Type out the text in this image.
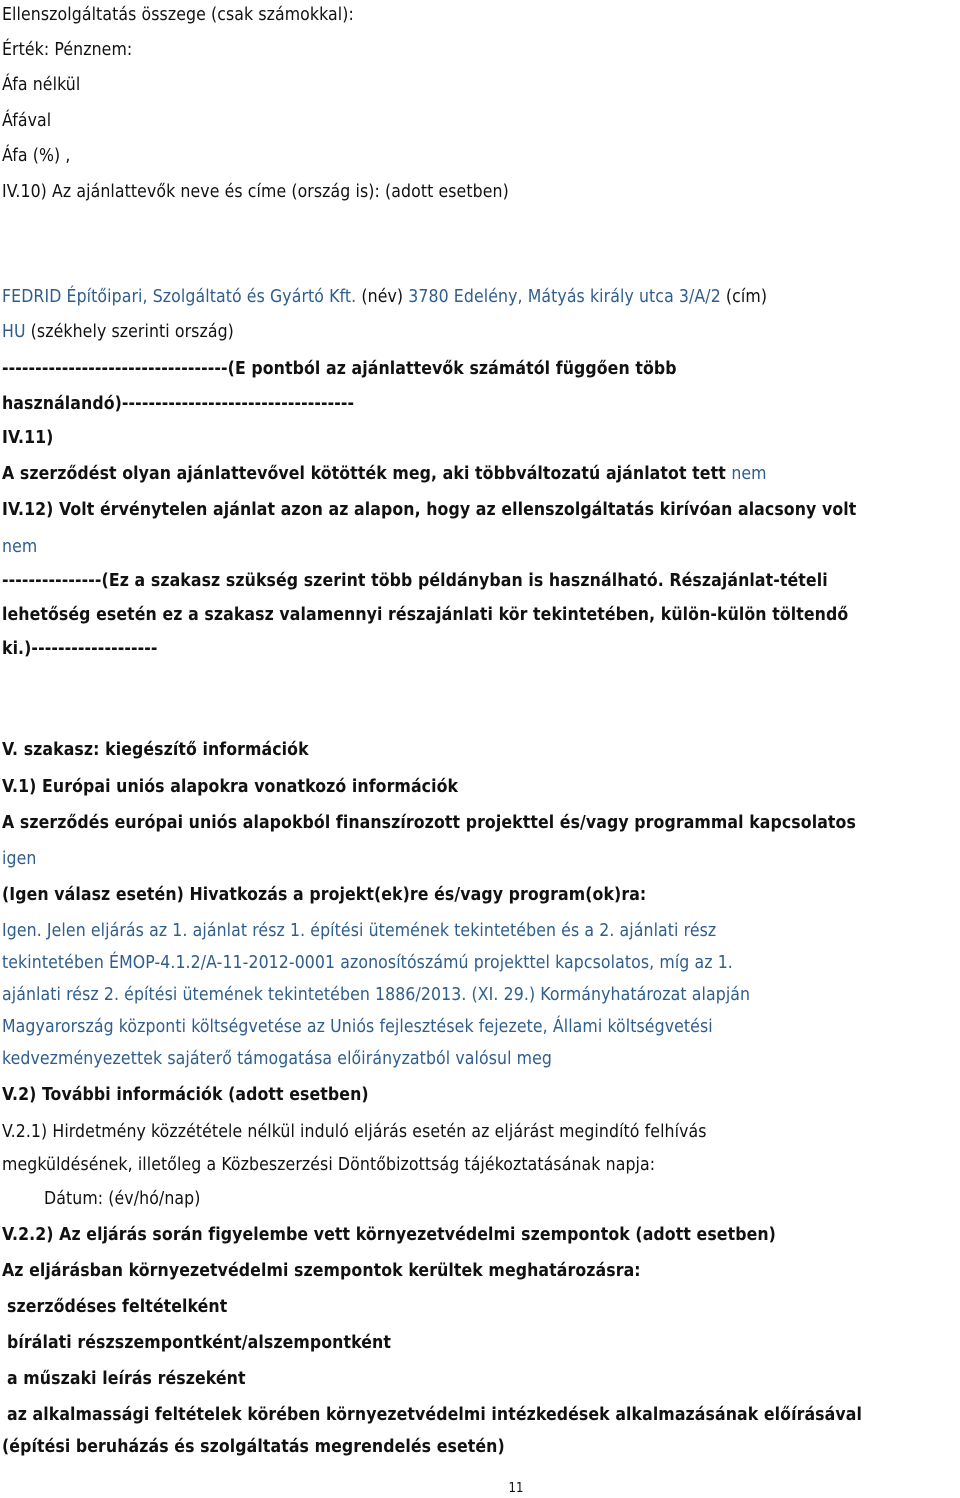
Ellenszolgáltatás összege (csak számokkal):
Érték: Pénznem:
Áfa nélkül
Áfával
Áfa (%) ,
IV.10) Az ajánlattevők neve és címe (ország is): (adott esetben)
FEDRID Építőipari, Szolgáltató és Gyártó Kft. (név) 3780 Edelény, Mátyás király utca 3/A/2 (cím)
HU (székhely szerinti ország)
----------------------------------(E pontból az ajánlattevők számától függően több
használandó)-----------------------------------
IV.11)
A szerződést olyan ajánlattevővel kötötték meg, aki többváltozatú ajánlatot tett nem
IV.12) Volt érvénytelen ajánlat azon az alapon, hogy az ellenszolgáltatás kirívóan alacsony volt
nem
---------------(Ez a szakasz szükség szerint több példányban is használható. Részajánlat-tételi
lehetőség esetén ez a szakasz valamennyi részajánlati kör tekintetében, külön-külön töltendő
ki.)-------------------
V. szakasz: kiegészítő információk
V.1) Európai uniós alapokra vonatkozó információk
A szerződés európai uniós alapokból finanszírozott projekttel és/vagy programmal kapcsolatos
igen
(Igen válasz esetén) Hivatkozás a projekt(ek)re és/vagy program(ok)ra:
Igen. Jelen eljárás az 1. ajánlat rész 1. építési ütemének tekintetében és a 2. ajánlati rész
tekintetében ÉMOP-4.1.2/A-11-2012-0001 azonosítószámú projekttel kapcsolatos, míg az 1.
ajánlati rész 2. építési ütemének tekintetében 1886/2013. (XI. 29.) Kormányhatározat alapján
Magyarország központi költségvetése az Uniós fejlesztések fejezete, Állami költségvetési
kedvezményezettek sajáterő támogatása előirányzatból valósul meg
V.2) További információk (adott esetben)
V.2.1) Hirdetmény közzététele nélkül induló eljárás esetén az eljárást megindító felhívás
megküldésének, illetőleg a Közbeszerzési Döntőbizottság tájékoztatásának napja:
Dátum: (év/hó/nap)
V.2.2) Az eljárás során figyelembe vett környezetvédelmi szempontok (adott esetben)
Az eljárásban környezetvédelmi szempontok kerültek meghatározásra:
szerződéses feltételként
bírálati részszempontként/alszempontként
a műszaki leírás részeként
az alkalmassági feltételek körében környezetvédelmi intézkedések alkalmazásának előírásával
(építési beruházás és szolgáltatás megrendelés esetén)
11
